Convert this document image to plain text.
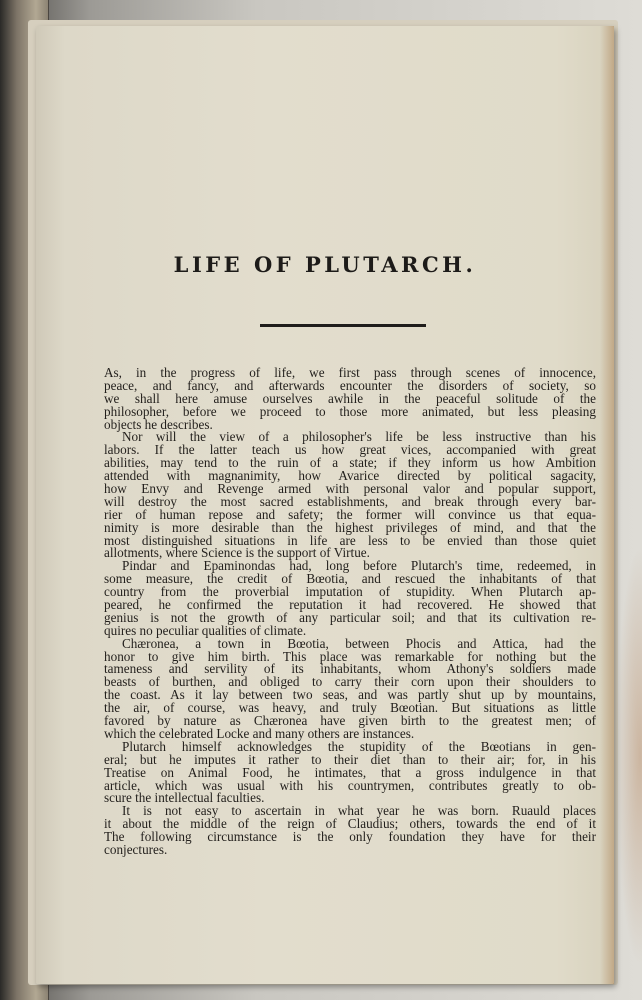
LIFE OF PLUTARCH.
As, in the progress of life, we first pass through scenes of innocence,
peace, and fancy, and afterwards encounter the disorders of society, so
we shall here amuse ourselves awhile in the peaceful solitude of the
philosopher, before we proceed to those more animated, but less pleasing
objects he describes.
Nor will the view of a philosopher's life be less instructive than his
labors. If the latter teach us how great vices, accompanied with great
abilities, may tend to the ruin of a state; if they inform us how Ambition
attended with magnanimity, how Avarice directed by political sagacity,
how Envy and Revenge armed with personal valor and popular support,
will destroy the most sacred establishments, and break through every bar-
rier of human repose and safety; the former will convince us that equa-
nimity is more desirable than the highest privileges of mind, and that the
most distinguished situations in life are less to be envied than those quiet
allotments, where Science is the support of Virtue.
Pindar and Epaminondas had, long before Plutarch's time, redeemed, in
some measure, the credit of Bœotia, and rescued the inhabitants of that
country from the proverbial imputation of stupidity. When Plutarch ap-
peared, he confirmed the reputation it had recovered. He showed that
genius is not the growth of any particular soil; and that its cultivation re-
quires no peculiar qualities of climate.
Chæronea, a town in Bœotia, between Phocis and Attica, had the
honor to give him birth. This place was remarkable for nothing but the
tameness and servility of its inhabitants, whom Athony's soldiers made
beasts of burthen, and obliged to carry their corn upon their shoulders to
the coast. As it lay between two seas, and was partly shut up by mountains,
the air, of course, was heavy, and truly Bœotian. But situations as little
favored by nature as Chæronea have given birth to the greatest men; of
which the celebrated Locke and many others are instances.
Plutarch himself acknowledges the stupidity of the Bœotians in gen-
eral; but he imputes it rather to their diet than to their air; for, in his
Treatise on Animal Food, he intimates, that a gross indulgence in that
article, which was usual with his countrymen, contributes greatly to ob-
scure the intellectual faculties.
It is not easy to ascertain in what year he was born. Ruauld places
it about the middle of the reign of Claudius; others, towards the end of it
The following circumstance is the only foundation they have for their
conjectures.
